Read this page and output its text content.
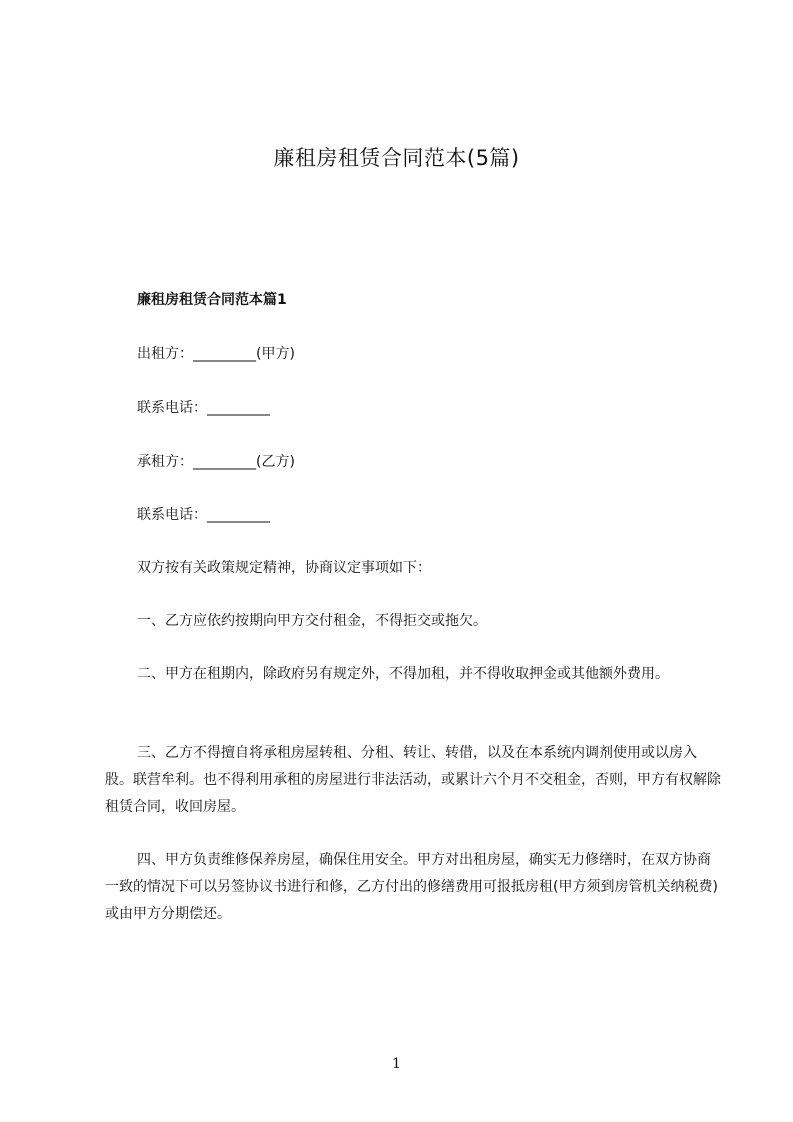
廉租房租赁合同范本(5篇)
廉租房租赁合同范本篇1
出租方：_________(甲方)
联系电话：_________
承租方：_________(乙方)
联系电话：_________
双方按有关政策规定精神，协商议定事项如下：
一、乙方应依约按期向甲方交付租金，不得拒交或拖欠。
二、甲方在租期内，除政府另有规定外，不得加租，并不得收取押金或其他额外费用。
三、乙方不得擅自将承租房屋转租、分租、转让、转借，以及在本系统内调剂使用或以房入股。联营牟利。也不得利用承租的房屋进行非法活动，或累计六个月不交租金，否则，甲方有权解除租赁合同，收回房屋。
四、甲方负责维修保养房屋，确保住用安全。甲方对出租房屋，确实无力修缮时，在双方协商一致的情况下可以另签协议书进行和修，乙方付出的修缮费用可报抵房租(甲方须到房管机关纳税费)或由甲方分期偿还。
1
